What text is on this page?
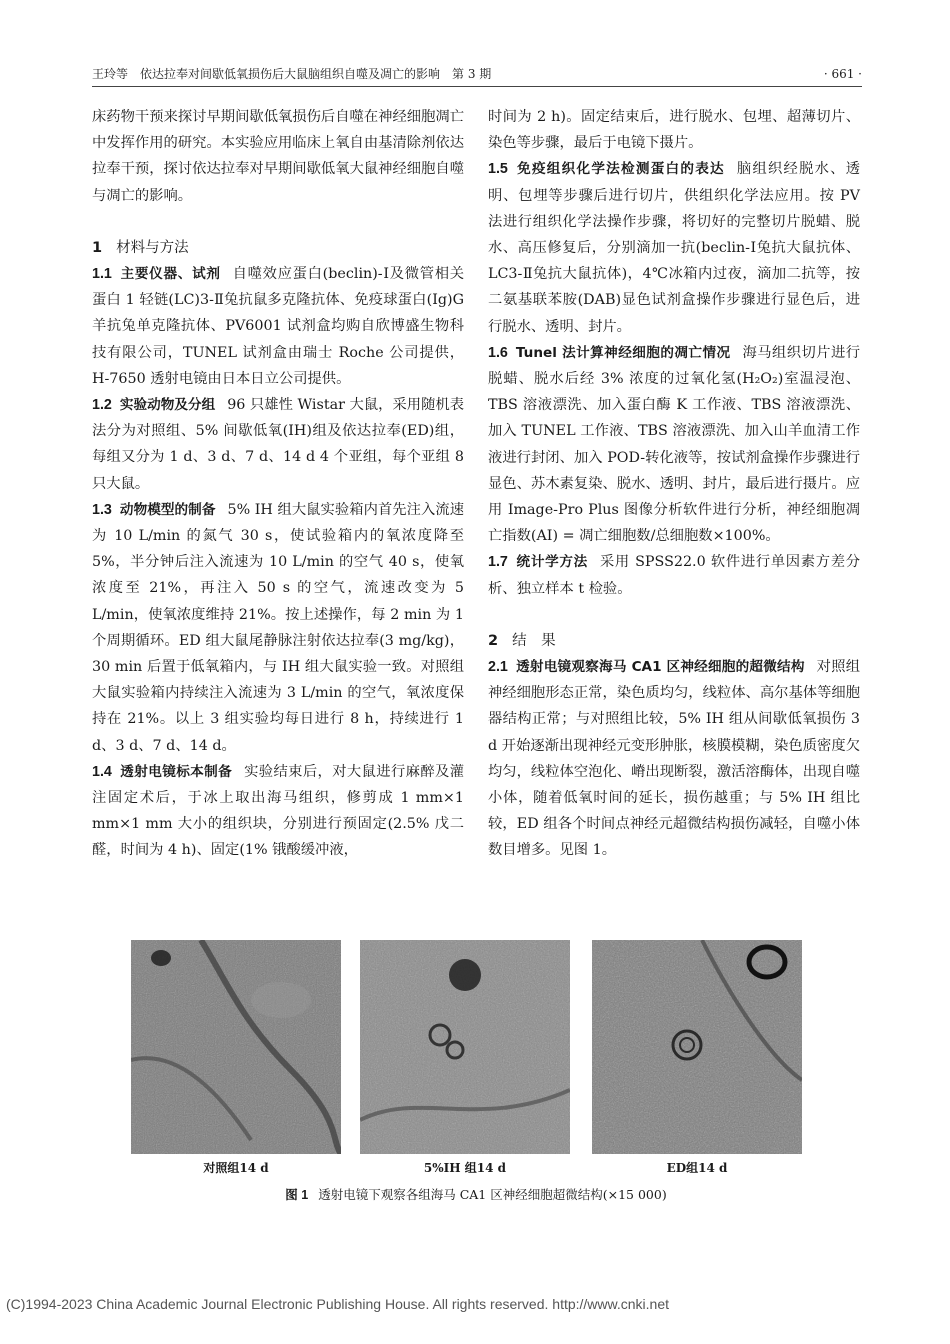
王玲等　依达拉奉对间歇低氧损伤后大鼠脑组织自噬及凋亡的影响　第 3 期	· 661 ·

床药物干预来探讨早期间歇低氧损伤后自噬在神经细胞凋亡中发挥作用的研究。本实验应用临床上氧自由基清除剂依达拉奉干预，探讨依达拉奉对早期间歇低氧大鼠神经细胞自噬与凋亡的影响。

1 材料与方法

1.1 主要仪器、试剂 自噬效应蛋白(beclin)-Ⅰ及微管相关蛋白 1 轻链(LC)3-Ⅱ兔抗鼠多克隆抗体、免疫球蛋白(Ig)G 羊抗兔单克隆抗体、PV6001 试剂盒均购自欣博盛生物科技有限公司，TUNEL 试剂盒由瑞士 Roche 公司提供，H-7650 透射电镜由日本日立公司提供。

1.2 实验动物及分组 96 只雄性 Wistar 大鼠，采用随机表法分为对照组、5% 间歇低氧(IH)组及依达拉奉(ED)组，每组又分为 1 d、3 d、7 d、14 d 4 个亚组，每个亚组 8 只大鼠。

1.3 动物模型的制备 5% IH 组大鼠实验箱内首先注入流速为 10 L/min 的氮气 30 s，使试验箱内的氧浓度降至 5%，半分钟后注入流速为 10 L/min 的空气 40 s，使氧浓度至 21%，再注入 50 s 的空气，流速改变为 5 L/min，使氧浓度维持 21%。按上述操作，每 2 min 为 1 个周期循环。ED 组大鼠尾静脉注射依达拉奉(3 mg/kg)，30 min 后置于低氧箱内，与 IH 组大鼠实验一致。对照组大鼠实验箱内持续注入流速为 3 L/min 的空气，氧浓度保持在 21%。以上 3 组实验均每日进行 8 h，持续进行 1 d、3 d、7 d、14 d。

1.4 透射电镜标本制备 实验结束后，对大鼠进行麻醉及灌注固定术后，于冰上取出海马组织，修剪成 1 mm×1 mm×1 mm 大小的组织块，分别进行预固定(2.5% 戊二醛，时间为 4 h)、固定(1% 锇酸缓冲液，

时间为 2 h)。固定结束后，进行脱水、包埋、超薄切片、染色等步骤，最后于电镜下摄片。

1.5 免疫组织化学法检测蛋白的表达 脑组织经脱水、透明、包埋等步骤后进行切片，供组织化学法应用。按 PV 法进行组织化学法操作步骤，将切好的完整切片脱蜡、脱水、高压修复后，分别滴加一抗(beclin-Ⅰ兔抗大鼠抗体、LC3-Ⅱ兔抗大鼠抗体)，4℃冰箱内过夜，滴加二抗等，按二氨基联苯胺(DAB)显色试剂盒操作步骤进行显色后，进行脱水、透明、封片。

1.6 Tunel 法计算神经细胞的凋亡情况 海马组织切片进行脱蜡、脱水后经 3% 浓度的过氧化氢(H₂O₂)室温浸泡、TBS 溶液漂洗、加入蛋白酶 K 工作液、TBS 溶液漂洗、加入 TUNEL 工作液、TBS 溶液漂洗、加入山羊血清工作液进行封闭、加入 POD-转化液等，按试剂盒操作步骤进行显色、苏木素复染、脱水、透明、封片，最后进行摄片。应用 Image-Pro Plus 图像分析软件进行分析，神经细胞凋亡指数(AI) = 凋亡细胞数/总细胞数×100%。

1.7 统计学方法 采用 SPSS22.0 软件进行单因素方差分析、独立样本 t 检验。

2 结　果

2.1 透射电镜观察海马 CA1 区神经细胞的超微结构 对照组神经细胞形态正常，染色质均匀，线粒体、高尔基体等细胞器结构正常；与对照组比较，5% IH 组从间歇低氧损伤 3 d 开始逐渐出现神经元变形肿胀，核膜模糊，染色质密度欠均匀，线粒体空泡化、嵴出现断裂，激活溶酶体，出现自噬小体，随着低氧时间的延长，损伤越重；与 5% IH 组比较，ED 组各个时间点神经元超微结构损伤减轻，自噬小体数目增多。见图 1。

对照组14 d	5%IH 组14 d	ED组14 d
图 1 透射电镜下观察各组海马 CA1 区神经细胞超微结构(×15 000)
(C)1994-2023 China Academic Journal Electronic Publishing House. All rights reserved. http://www.cnki.net
